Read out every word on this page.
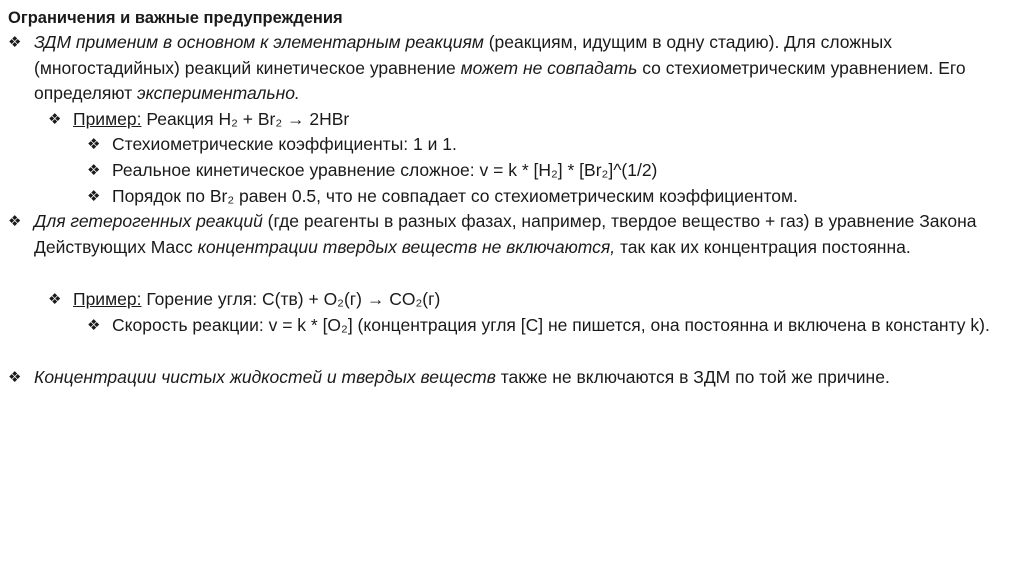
Ограничения и важные предупреждения
❖ ЗДМ применим в основном к элементарным реакциям (реакциям, идущим в одну стадию). Для сложных (многостадийных) реакций кинетическое уравнение может не совпадать со стехиометрическим уравнением. Его определяют экспериментально.
❖ Пример: Реакция H₂ + Br₂ → 2HBr
❖ Стехиометрические коэффициенты: 1 и 1.
❖ Реальное кинетическое уравнение сложное: v = k * [H₂] * [Br₂]^(1/2)
❖ Порядок по Br₂ равен 0.5, что не совпадает со стехиометрическим коэффициентом.
❖ Для гетерогенных реакций (где реагенты в разных фазах, например, твердое вещество + газ) в уравнение Закона Действующих Масс концентрации твердых веществ не включаются, так как их концентрация постоянна.
❖ Пример: Горение угля: C(тв) + O₂(г) → CO₂(г)
❖ Скорость реакции: v = k * [O₂] (концентрация угля [C] не пишется, она постоянна и включена в константу k).
❖ Концентрации чистых жидкостей и твердых веществ также не включаются в ЗДМ по той же причине.
